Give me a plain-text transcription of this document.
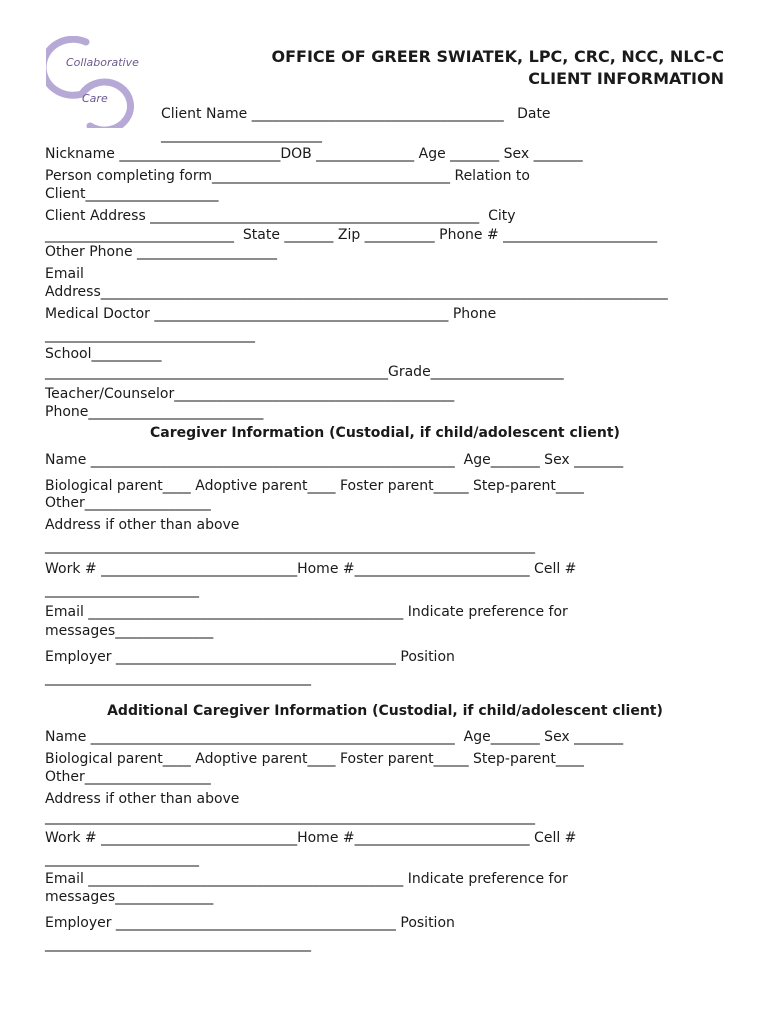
Collaborative
Care
OFFICE OF GREER SWIATEK, LPC, CRC, NCC, NLC-C
CLIENT INFORMATION
Client Name ____________________________________   Date
_______________________
Nickname _______________________DOB ______________ Age _______ Sex _______
Person completing form__________________________________ Relation to
Client___________________
Client Address _______________________________________________  City
___________________________  State _______ Zip __________ Phone # ______________________
Other Phone ____________________
Email
Address_________________________________________________________________________________
Medical Doctor __________________________________________ Phone
______________________________
School__________
_________________________________________________Grade___________________
Teacher/Counselor________________________________________
Phone_________________________
Caregiver Information (Custodial, if child/adolescent client)
Name ____________________________________________________  Age_______ Sex _______
Biological parent____ Adoptive parent____ Foster parent_____ Step-parent____
Other__________________
Address if other than above
______________________________________________________________________
Work # ____________________________Home #_________________________ Cell #
______________________
Email _____________________________________________ Indicate preference for
messages______________
Employer ________________________________________ Position
______________________________________
Additional Caregiver Information (Custodial, if child/adolescent client)
Name ____________________________________________________  Age_______ Sex _______
Biological parent____ Adoptive parent____ Foster parent_____ Step-parent____
Other__________________
Address if other than above
______________________________________________________________________
Work # ____________________________Home #_________________________ Cell #
______________________
Email _____________________________________________ Indicate preference for
messages______________
Employer ________________________________________ Position
______________________________________
